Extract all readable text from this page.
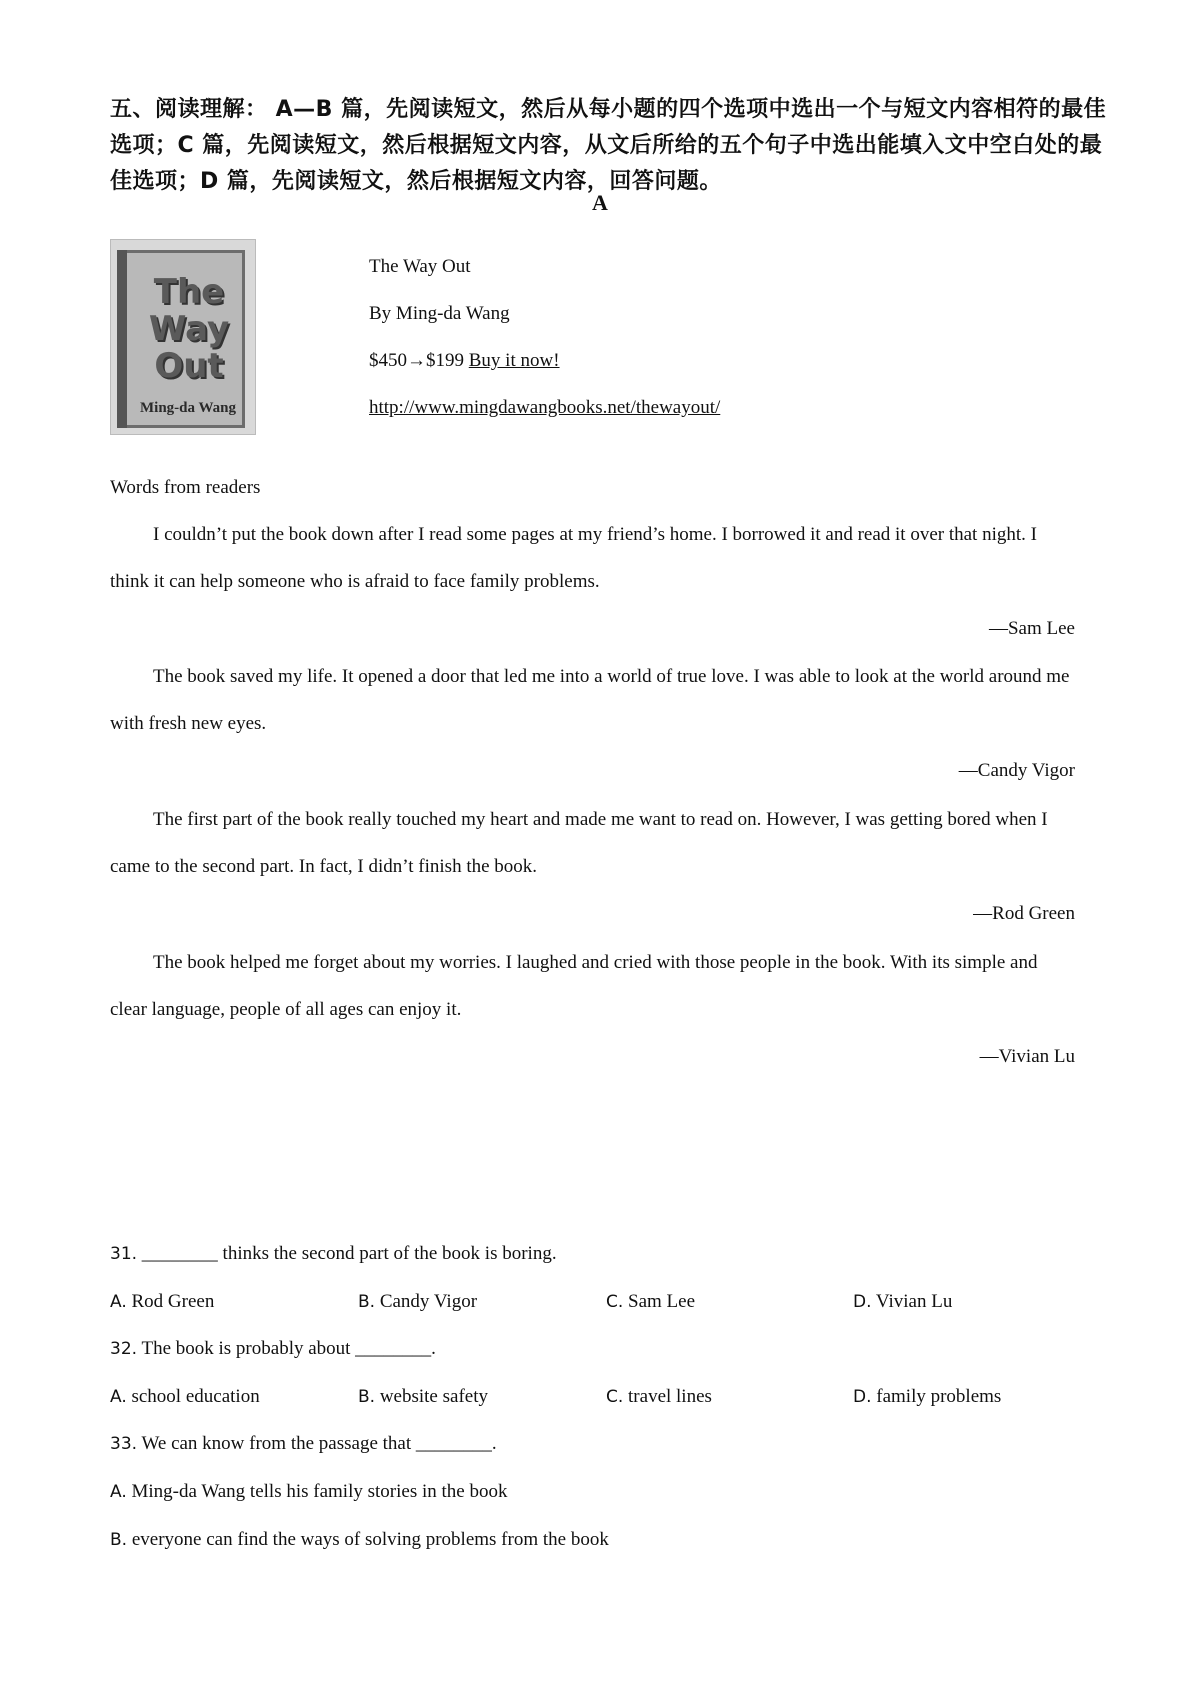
五、阅读理解： A—B 篇，先阅读短文，然后从每小题的四个选项中选出一个与短文内容相符的最佳选项；C 篇，先阅读短文，然后根据短文内容，从文后所给的五个句子中选出能填入文中空白处的最佳选项；D 篇，先阅读短文，然后根据短文内容，回答问题。
A
The
Way
Out
Ming-da Wang
The Way Out
By Ming-da Wang
$450→$199 Buy it now!
http://www.mingdawangbooks.net/thewayout/
Words from readers
I couldn’t put the book down after I read some pages at my friend’s home. I borrowed it and read it over that night. I think it can help someone who is afraid to face family problems.
—Sam Lee
The book saved my life. It opened a door that led me into a world of true love. I was able to look at the world around me with fresh new eyes.
—Candy Vigor
The first part of the book really touched my heart and made me want to read on. However, I was getting bored when I came to the second part. In fact, I didn’t finish the book.
—Rod Green
The book helped me forget about my worries. I laughed and cried with those people in the book. With its simple and clear language, people of all ages can enjoy it.
—Vivian Lu
31. ________ thinks the second part of the book is boring.
A. Rod Green	B. Candy Vigor	C. Sam Lee	D. Vivian Lu
32. The book is probably about ________.
A. school education	B. website safety	C. travel lines	D. family problems
33. We can know from the passage that ________.
A. Ming-da Wang tells his family stories in the book
B. everyone can find the ways of solving problems from the book
